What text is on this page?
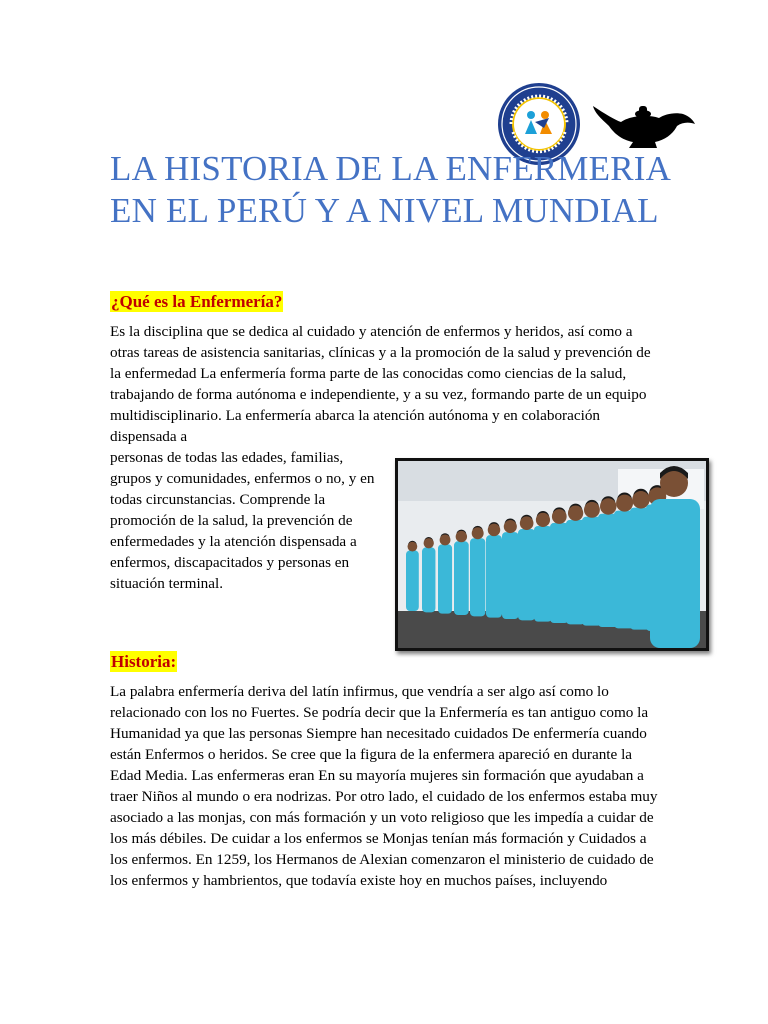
LA HISTORIA DE LA ENFERMERIA EN EL PERÚ Y A NIVEL MUNDIAL
¿Qué es la Enfermería?

Es la disciplina que se dedica al cuidado y atención de enfermos y heridos, así como a otras tareas de asistencia sanitarias, clínicas y a la promoción de la salud y prevención de la enfermedad La enfermería forma parte de las conocidas como ciencias de la salud, trabajando de forma autónoma e independiente, y a su vez, formando parte de un equipo multidisciplinario. La enfermería abarca la atención autónoma y en colaboración dispensada a

personas de todas las edades, familias, grupos y comunidades, enfermos o no, y en todas circunstancias. Comprende la promoción de la salud, la prevención de enfermedades y la atención dispensada a enfermos, discapacitados y personas en situación terminal.

Historia:

La palabra enfermería deriva del latín infirmus, que vendría a ser algo así como lo relacionado con los no Fuertes. Se podría decir que la Enfermería es tan antiguo como la Humanidad ya que las personas Siempre han necesitado cuidados De enfermería cuando están Enfermos o heridos. Se cree que la figura de la enfermera apareció en durante la Edad Media. Las enfermeras eran En su mayoría mujeres sin formación que ayudaban a traer Niños al mundo o era nodrizas. Por otro lado, el cuidado de los enfermos estaba muy asociado a las monjas, con más formación y un voto religioso que les impedía a cuidar de los más débiles. De cuidar a los enfermos se Monjas tenían más formación y Cuidados a los enfermos. En 1259, los Hermanos de Alexian comenzaron el ministerio de cuidado de los enfermos y hambrientos, que todavía existe hoy en muchos países, incluyendo
